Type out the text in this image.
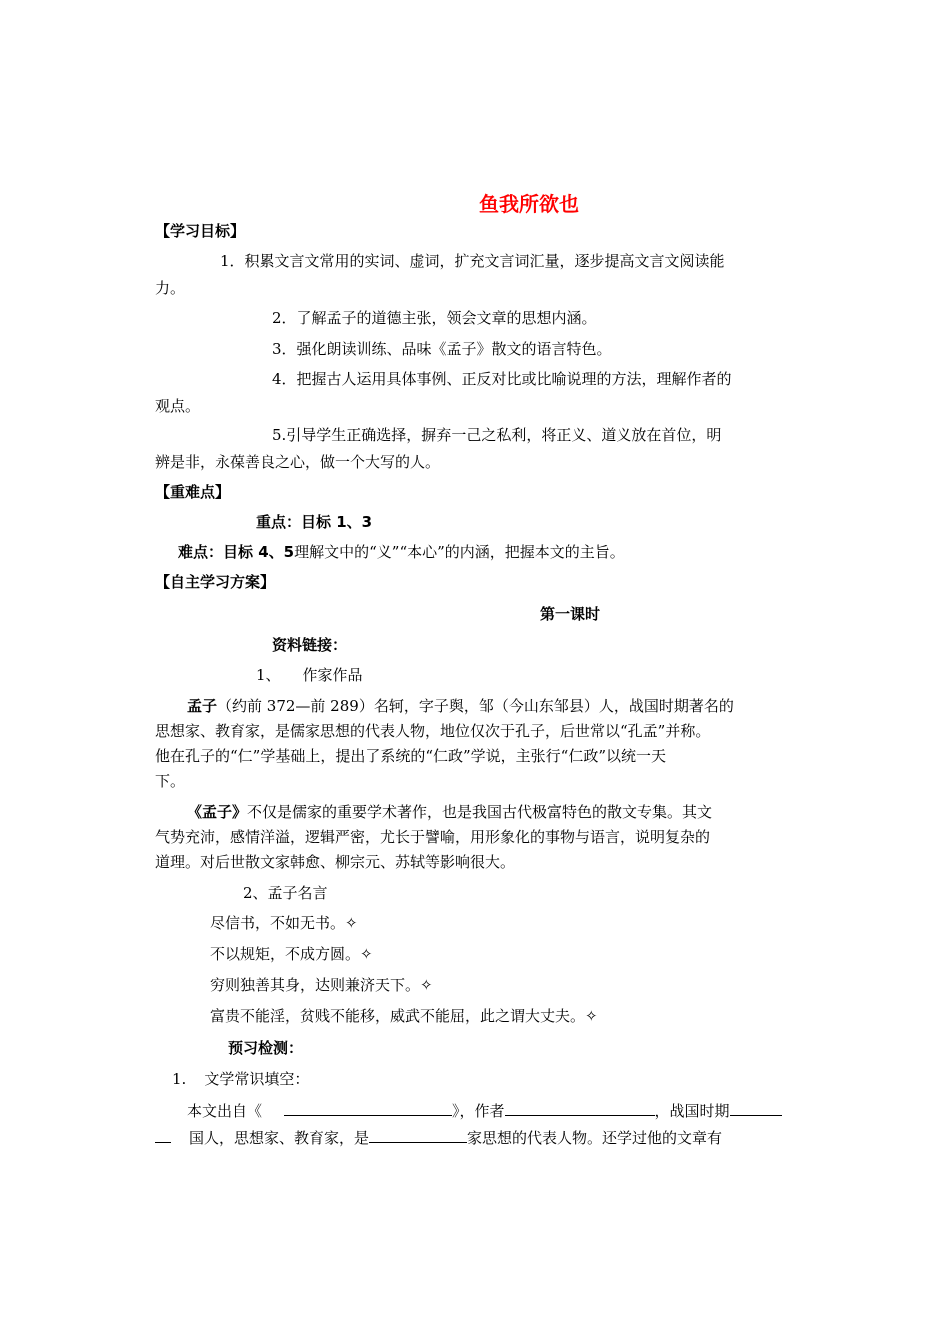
鱼我所欲也
【学习目标】
1．积累文言文常用的实词、虚词，扩充文言词汇量，逐步提高文言文阅读能
力。
2．了解孟子的道德主张，领会文章的思想内涵。
3．强化朗读训练、品味《孟子》散文的语言特色。
4．把握古人运用具体事例、正反对比或比喻说理的方法，理解作者的
观点。
5.引导学生正确选择，摒弃一己之私利，将正义、道义放在首位，明
辨是非，永葆善良之心，做一个大写的人。
【重难点】
重点：目标 1、3
难点：目标 4、5理解文中的“义”“本心”的内涵，把握本文的主旨。
【自主学习方案】
第一课时
资料链接：
1、 作家作品
孟子（约前 372—前 289）名轲，字子舆，邹（今山东邹县）人，战国时期著名的
思想家、教育家，是儒家思想的代表人物，地位仅次于孔子，后世常以“孔孟”并称。
他在孔子的“仁”学基础上，提出了系统的“仁政”学说，主张行“仁政”以统一天
下。
《孟子》不仅是儒家的重要学术著作，也是我国古代极富特色的散文专集。其文
气势充沛，感情洋溢，逻辑严密，尤长于譬喻，用形象化的事物与语言，说明复杂的
道理。对后世散文家韩愈、柳宗元、苏轼等影响很大。
2、孟子名言
尽信书，不如无书。✧
不以规矩，不成方圆。✧
穷则独善其身，达则兼济天下。✧
富贵不能淫，贫贱不能移，威武不能屈，此之谓大丈夫。✧
预习检测：
1. 文学常识填空：
本文出自《	》，作者	，战国时期
国人，思想家、教育家，是	家思想的代表人物。还学过他的文章有
